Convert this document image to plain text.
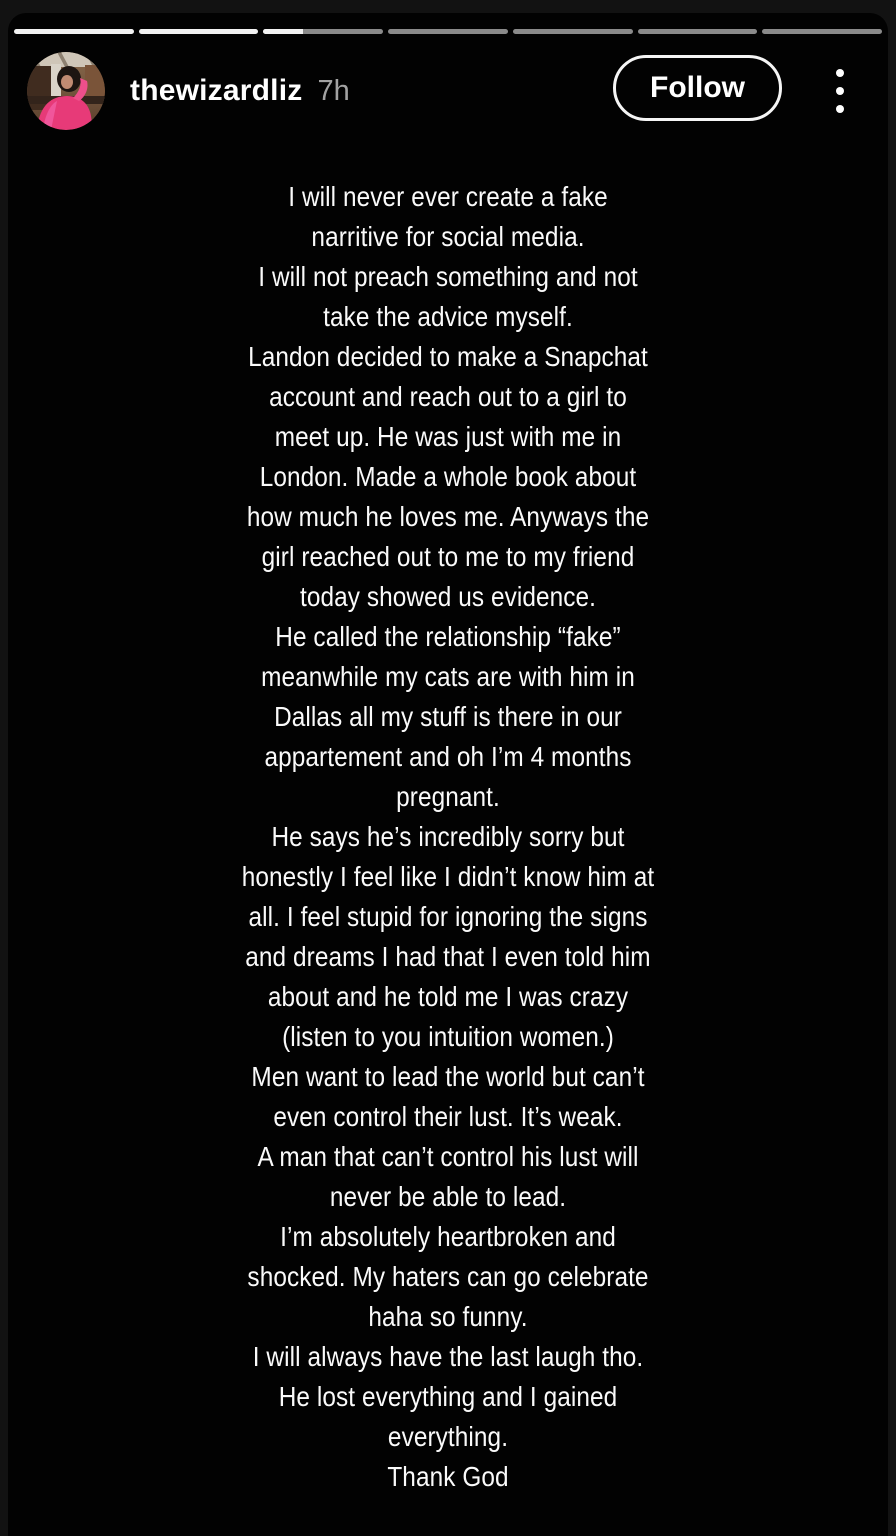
thewizardliz 7h	Follow
I will never ever create a fake
narritive for social media.
I will not preach something and not
take the advice myself.
Landon decided to make a Snapchat
account and reach out to a girl to
meet up. He was just with me in
London. Made a whole book about
how much he loves me. Anyways the
girl reached out to me to my friend
today showed us evidence.
He called the relationship “fake”
meanwhile my cats are with him in
Dallas all my stuff is there in our
appartement and oh I’m 4 months
pregnant.
He says he’s incredibly sorry but
honestly I feel like I didn’t know him at
all. I feel stupid for ignoring the signs
and dreams I had that I even told him
about and he told me I was crazy
(listen to you intuition women.)
Men want to lead the world but can’t
even control their lust. It’s weak.
A man that can’t control his lust will
never be able to lead.
I’m absolutely heartbroken and
shocked. My haters can go celebrate
haha so funny.
I will always have the last laugh tho.
He lost everything and I gained
everything.
Thank God
